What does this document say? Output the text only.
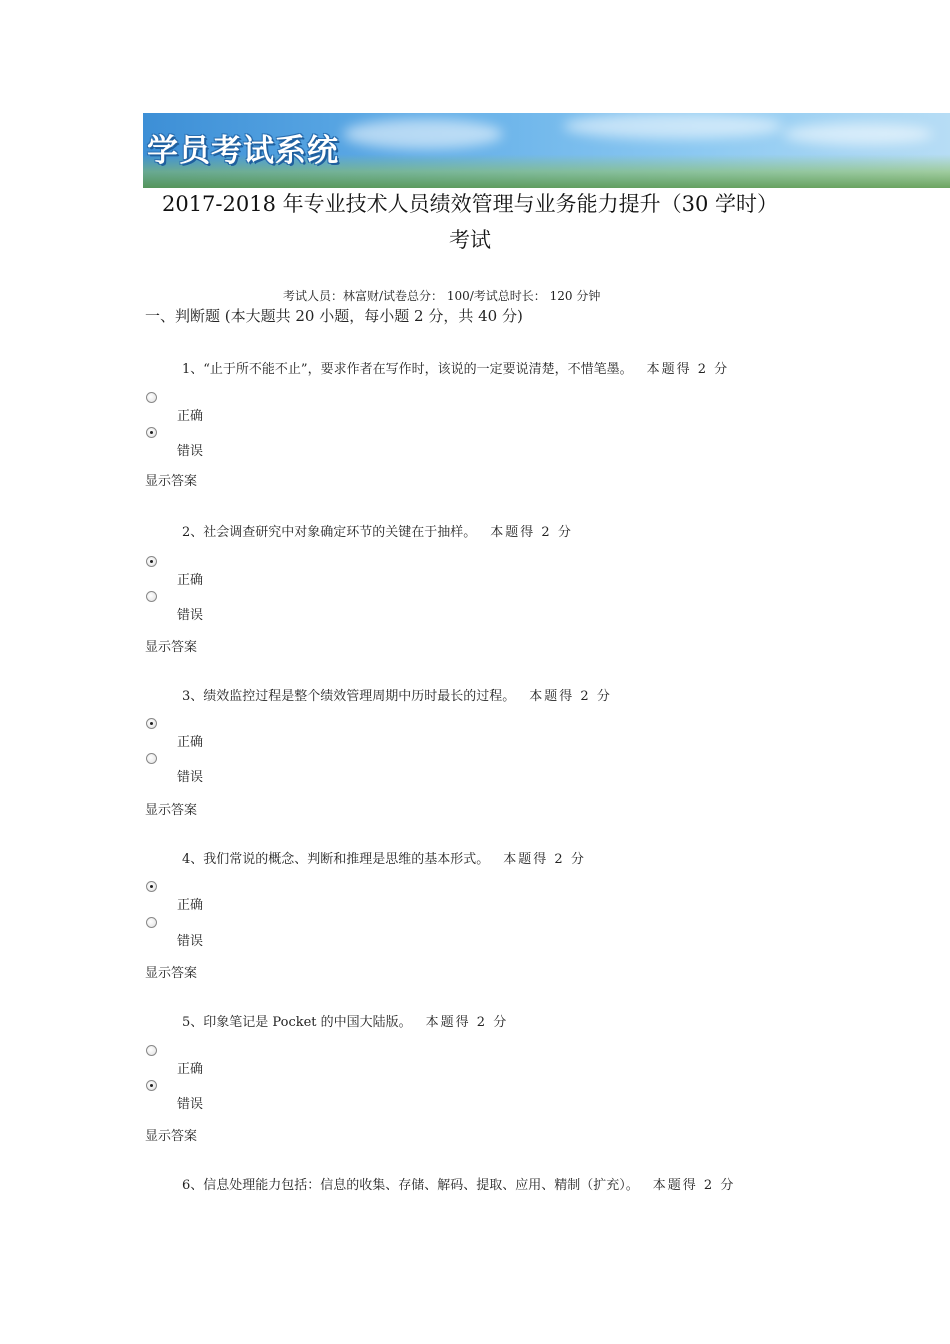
学员考试系统
2017-2018 年专业技术人员绩效管理与业务能力提升（30 学时）
考试
考试人员：林富财/试卷总分： 100/考试总时长： 120 分钟
一、判断题 (本大题共 20 小题，每小题 2 分，共 40 分)
1、“止于所不能不止”，要求作者在写作时，该说的一定要说清楚，不惜笔墨。 本题得 2 分
正确
错误
显示答案
2、社会调查研究中对象确定环节的关键在于抽样。 本题得 2 分
正确
错误
显示答案
3、绩效监控过程是整个绩效管理周期中历时最长的过程。 本题得 2 分
正确
错误
显示答案
4、我们常说的概念、判断和推理是思维的基本形式。 本题得 2 分
正确
错误
显示答案
5、印象笔记是 Pocket 的中国大陆版。 本题得 2 分
正确
错误
显示答案
6、信息处理能力包括：信息的收集、存储、解码、提取、应用、精制（扩充）。 本题得 2 分
